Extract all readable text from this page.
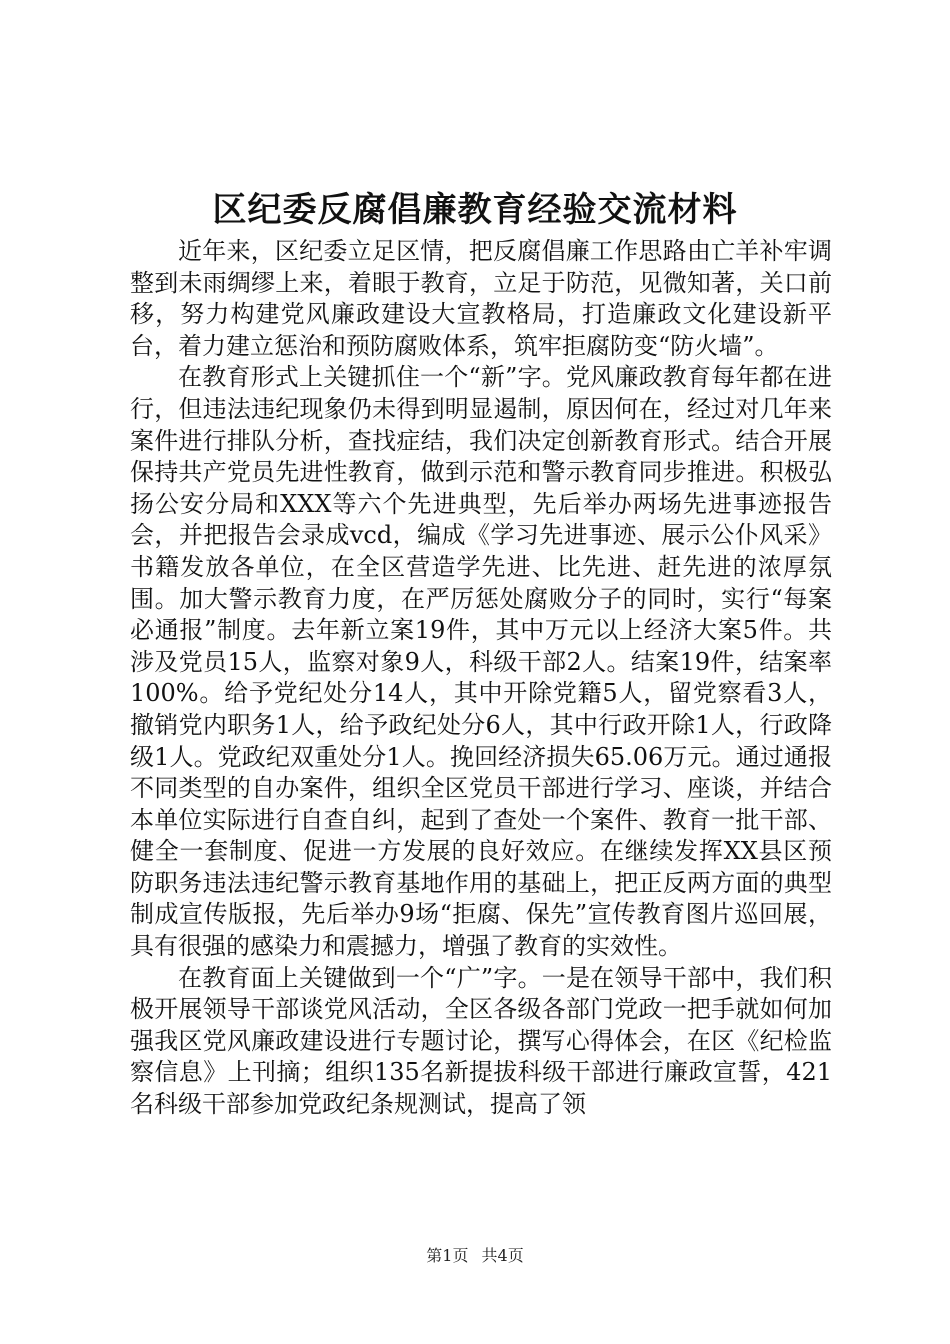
区纪委反腐倡廉教育经验交流材料

近年来，区纪委立足区情，把反腐倡廉工作思路由亡羊补牢调整到未雨绸缪上来，着眼于教育，立足于防范，见微知著，关口前移，努力构建党风廉政建设大宣教格局，打造廉政文化建设新平台，着力建立惩治和预防腐败体系，筑牢拒腐防变“防火墙”。

在教育形式上关键抓住一个“新”字。党风廉政教育每年都在进行，但违法违纪现象仍未得到明显遏制，原因何在，经过对几年来案件进行排队分析，查找症结，我们决定创新教育形式。结合开展保持共产党员先进性教育，做到示范和警示教育同步推进。积极弘扬公安分局和XXX等六个先进典型，先后举办两场先进事迹报告会，并把报告会录成vcd，编成《学习先进事迹、展示公仆风采》书籍发放各单位，在全区营造学先进、比先进、赶先进的浓厚氛围。加大警示教育力度，在严厉惩处腐败分子的同时，实行“每案必通报”制度。去年新立案19件，其中万元以上经济大案5件。共涉及党员15人，监察对象9人，科级干部2人。结案19件，结案率100%。给予党纪处分14人，其中开除党籍5人，留党察看3人，撤销党内职务1人，给予政纪处分6人，其中行政开除1人，行政降级1人。党政纪双重处分1人。挽回经济损失65.06万元。通过通报不同类型的自办案件，组织全区党员干部进行学习、座谈，并结合本单位实际进行自查自纠，起到了查处一个案件、教育一批干部、健全一套制度、促进一方发展的良好效应。在继续发挥XX县区预防职务违法违纪警示教育基地作用的基础上，把正反两方面的典型制成宣传版报，先后举办9场“拒腐、保先”宣传教育图片巡回展，具有很强的感染力和震撼力，增强了教育的实效性。

在教育面上关键做到一个“广”字。一是在领导干部中，我们积极开展领导干部谈党风活动，全区各级各部门党政一把手就如何加强我区党风廉政建设进行专题讨论，撰写心得体会，在区《纪检监察信息》上刊摘；组织135名新提拔科级干部进行廉政宣誓，421名科级干部参加党政纪条规测试，提高了领

第1页 共4页
